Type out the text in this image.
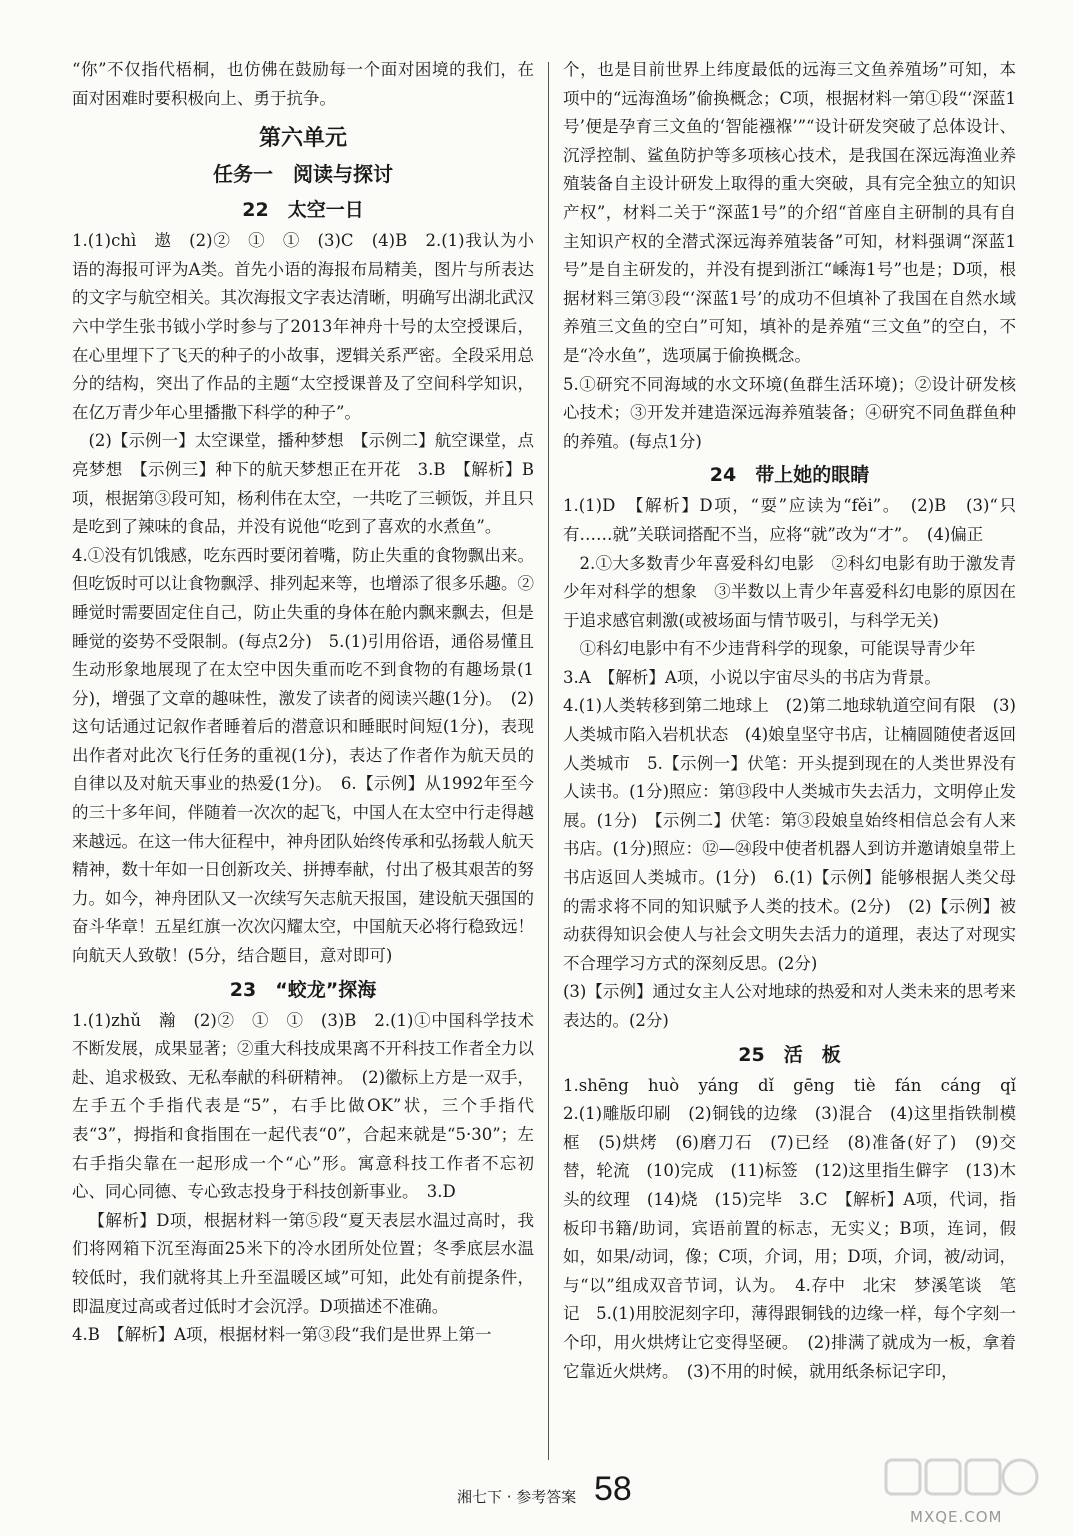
“你”不仅指代梧桐，也仿佛在鼓励每一个面对困境的我们，在面对困难时要积极向上、勇于抗争。

第六单元
任务一　阅读与探讨
22　太空一日

1.(1)chì　遨　(2)②　①　①　(3)C　(4)B　2.(1)我认为小语的海报可评为A类。首先小语的海报布局精美，图片与所表达的文字与航空相关。其次海报文字表达清晰，明确写出湖北武汉六中学生张书钺小学时参与了2013年神舟十号的太空授课后，在心里埋下了飞天的种子的小故事，逻辑关系严密。全段采用总分的结构，突出了作品的主题“太空授课普及了空间科学知识，在亿万青少年心里播撒下科学的种子”。

(2)【示例一】太空课堂，播种梦想　【示例二】航空课堂，点亮梦想　【示例三】种下的航天梦想正在开花　3.B　【解析】B项，根据第③段可知，杨利伟在太空，一共吃了三顿饭，并且只是吃到了辣味的食品，并没有说他“吃到了喜欢的水煮鱼”。

4.①没有饥饿感，吃东西时要闭着嘴，防止失重的食物飘出来。但吃饭时可以让食物飘浮、排列起来等，也增添了很多乐趣。②睡觉时需要固定住自己，防止失重的身体在舱内飘来飘去，但是睡觉的姿势不受限制。(每点2分)　5.(1)引用俗语，通俗易懂且生动形象地展现了在太空中因失重而吃不到食物的有趣场景(1分)，增强了文章的趣味性，激发了读者的阅读兴趣(1分)。　(2)这句话通过记叙作者睡着后的潜意识和睡眠时间短(1分)，表现出作者对此次飞行任务的重视(1分)，表达了作者作为航天员的自律以及对航天事业的热爱(1分)。　6.【示例】从1992年至今的三十多年间，伴随着一次次的起飞，中国人在太空中行走得越来越远。在这一伟大征程中，神舟团队始终传承和弘扬载人航天精神，数十年如一日创新攻关、拼搏奉献，付出了极其艰苦的努力。如今，神舟团队又一次续写矢志航天报国，建设航天强国的奋斗华章！五星红旗一次次闪耀太空，中国航天必将行稳致远！向航天人致敬！(5分，结合题目，意对即可)

23　“蛟龙”探海

1.(1)zhǔ　瀚　(2)②　①　①　(3)B　2.(1)①中国科学技术不断发展，成果显著；②重大科技成果离不开科技工作者全力以赴、追求极致、无私奉献的科研精神。　(2)徽标上方是一双手，左手五个手指代表是“5”，右手比做OK”状，三个手指代表“3”，拇指和食指围在一起代表“0”，合起来就是“5·30”；左右手指尖靠在一起形成一个“心”形。寓意科技工作者不忘初心、同心同德、专心致志投身于科技创新事业。　3.D

【解析】D项，根据材料一第⑤段“夏天表层水温过高时，我们将网箱下沉至海面25米下的冷水团所处位置；冬季底层水温较低时，我们就将其上升至温暖区域”可知，此处有前提条件，即温度过高或者过低时才会沉浮。D项描述不准确。

4.B　【解析】A项，根据材料一第③段“我们是世界上第一

个，也是目前世界上纬度最低的远海三文鱼养殖场”可知，本项中的“远海渔场”偷换概念；C项，根据材料一第①段“‘深蓝1号’便是孕育三文鱼的‘智能襁褓’”“设计研发突破了总体设计、沉浮控制、鲨鱼防护等多项核心技术，是我国在深远海渔业养殖装备自主设计研发上取得的重大突破，具有完全独立的知识产权”，材料二关于“深蓝1号”的介绍“首座自主研制的具有自主知识产权的全潜式深远海养殖装备”可知，材料强调“深蓝1号”是自主研发的，并没有提到浙江“嵊海1号”也是；D项，根据材料三第③段“‘深蓝1号’的成功不但填补了我国在自然水域养殖三文鱼的空白”可知，填补的是养殖“三文鱼”的空白，不是“冷水鱼”，选项属于偷换概念。

5.①研究不同海域的水文环境(鱼群生活环境)；②设计研发核心技术；③开发并建造深远海养殖装备；④研究不同鱼群鱼种的养殖。(每点1分)

24　带上她的眼睛

1.(1)D　【解析】D项，“耍”应读为“fěi”。　(2)B　(3)“只有……就”关联词搭配不当，应将“就”改为“才”。　(4)偏正

2.①大多数青少年喜爱科幻电影　②科幻电影有助于激发青少年对科学的想象　③半数以上青少年喜爱科幻电影的原因在于追求感官刺激(或被场面与情节吸引，与科学无关)

①科幻电影中有不少违背科学的现象，可能误导青少年

3.A　【解析】A项，小说以宇宙尽头的书店为背景。

4.(1)人类转移到第二地球上　(2)第二地球轨道空间有限　(3)人类城市陷入岩机状态　(4)娘皇坚守书店，让楠圆随使者返回人类城市　5.【示例一】伏笔：开头提到现在的人类世界没有人读书。(1分)照应：第⑬段中人类城市失去活力，文明停止发展。(1分)　【示例二】伏笔：第③段娘皇始终相信总会有人来书店。(1分)照应：⑫—㉔段中使者机器人到访并邀请娘皇带上书店返回人类城市。(1分)　6.(1)【示例】能够根据人类父母的需求将不同的知识赋予人类的技术。(2分)　(2)【示例】被动获得知识会使人与社会文明失去活力的道理，表达了对现实不合理学习方式的深刻反思。(2分)

(3)【示例】通过女主人公对地球的热爱和对人类未来的思考来表达的。(2分)

25　活　板

1.shēng huò yáng dǐ gēng tiè fán cáng qǐ

2.(1)雕版印刷　(2)铜钱的边缘　(3)混合　(4)这里指铁制模框　(5)烘烤　(6)磨刀石　(7)已经　(8)准备(好了)　(9)交替，轮流　(10)完成　(11)标签　(12)这里指生僻字　(13)木头的纹理　(14)烧　(15)完毕　3.C　【解析】A项，代词，指板印书籍/助词，宾语前置的标志，无实义；B项，连词，假如，如果/动词，像；C项，介词，用；D项，介词，被/动词，与“以”组成双音节词，认为。　4.存中　北宋　梦溪笔谈　笔记　5.(1)用胶泥刻字印，薄得跟铜钱的边缘一样，每个字刻一个印，用火烘烤让它变得坚硬。　(2)排满了就成为一板，拿着它靠近火烘烤。　(3)不用的时候，就用纸条标记字印，

湘七下 · 参考答案 58
MXQE.COM
